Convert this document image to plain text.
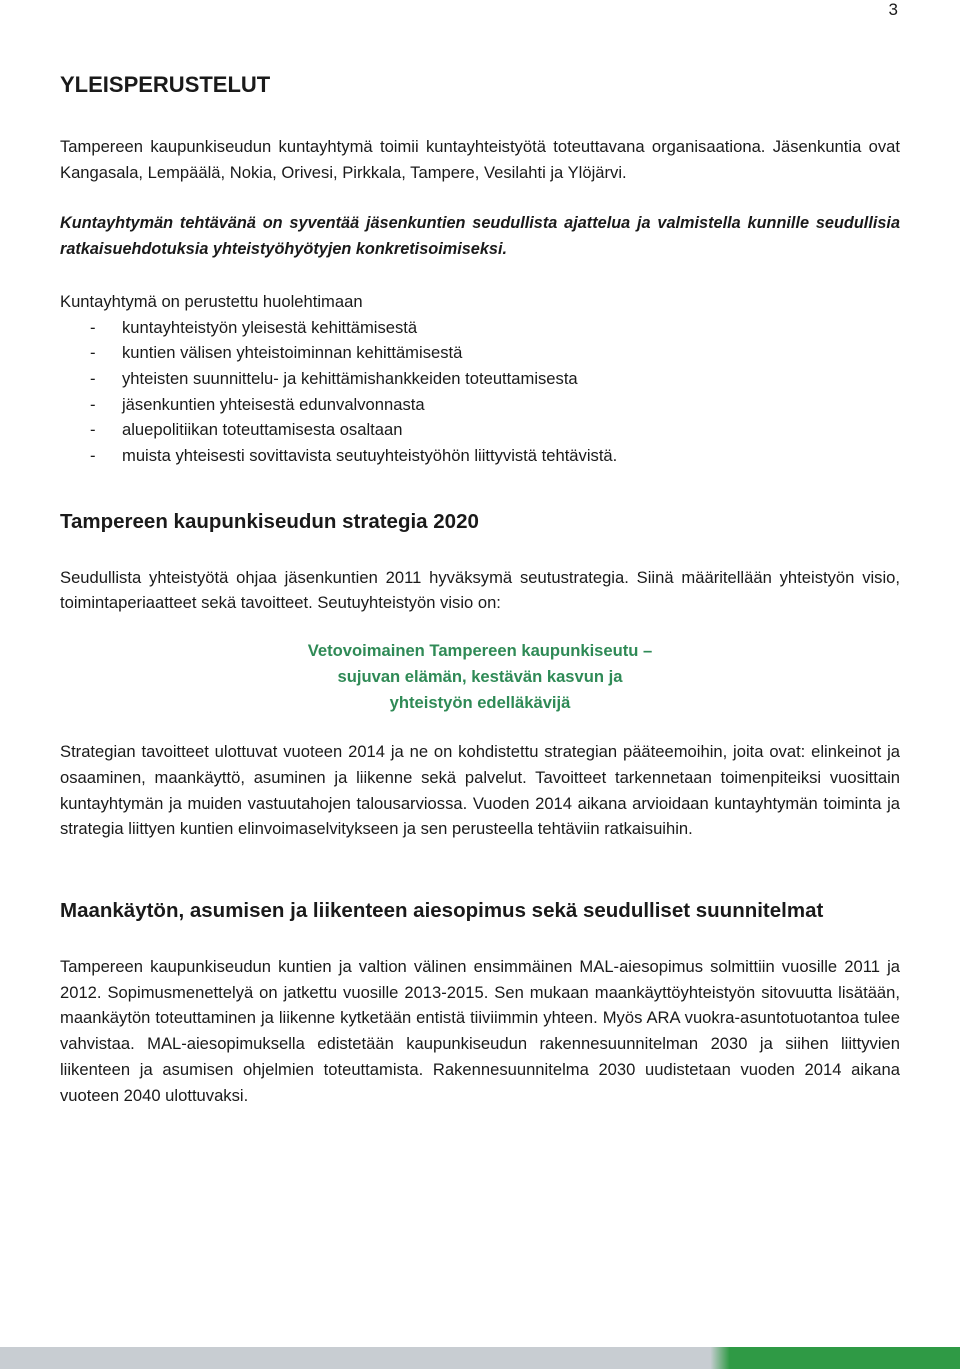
3
YLEISPERUSTELUT

Tampereen kaupunkiseudun kuntayhtymä toimii kuntayhteistyötä toteuttavana organisaationa. Jäsenkuntia ovat Kangasala, Lempäälä, Nokia, Orivesi, Pirkkala, Tampere, Vesilahti ja Ylöjärvi.

Kuntayhtymän tehtävänä on syventää jäsenkuntien seudullista ajattelua ja valmistella kunnille seudullisia ratkaisuehdotuksia yhteistyöhyötyjen konkretisoimiseksi.

Kuntayhtymä on perustettu huolehtimaan

- kuntayhteistyön yleisestä kehittämisestä
- kuntien välisen yhteistoiminnan kehittämisestä
- yhteisten suunnittelu- ja kehittämishankkeiden toteuttamisesta
- jäsenkuntien yhteisestä edunvalvonnasta
- aluepolitiikan toteuttamisesta osaltaan
- muista yhteisesti sovittavista seutuyhteistyöhön liittyvistä tehtävistä.
Tampereen kaupunkiseudun strategia 2020

Seudullista yhteistyötä ohjaa jäsenkuntien 2011 hyväksymä seutustrategia. Siinä määritellään yhteistyön visio, toimintaperiaatteet sekä tavoitteet. Seutuyhteistyön visio on:

Vetovoimainen Tampereen kaupunkiseutu –
sujuvan elämän, kestävän kasvun ja
yhteistyön edelläkävijä

Strategian tavoitteet ulottuvat vuoteen 2014 ja ne on kohdistettu strategian pääteemoihin, joita ovat: elinkeinot ja osaaminen, maankäyttö, asuminen ja liikenne sekä palvelut. Tavoitteet tarkennetaan toimenpiteiksi vuosittain kuntayhtymän ja muiden vastuutahojen talousarviossa. Vuoden 2014 aikana arvioidaan kuntayhtymän toiminta ja strategia liittyen kuntien elinvoimaselvitykseen ja sen perusteella tehtäviin ratkaisuihin.

Maankäytön, asumisen ja liikenteen aiesopimus sekä seudulliset suunnitelmat

Tampereen kaupunkiseudun kuntien ja valtion välinen ensimmäinen MAL-aiesopimus solmittiin vuosille 2011 ja 2012. Sopimusmenettelyä on jatkettu vuosille 2013-2015. Sen mukaan maankäyttöyhteistyön sitovuutta lisätään, maankäytön toteuttaminen ja liikenne kytketään entistä tiiviimmin yhteen. Myös ARA vuokra-asuntotuotantoa tulee vahvistaa. MAL-aiesopimuksella edistetään kaupunkiseudun rakennesuunnitelman 2030 ja siihen liittyvien liikenteen ja asumisen ohjelmien toteuttamista. Rakennesuunnitelma 2030 uudistetaan vuoden 2014 aikana vuoteen 2040 ulottuvaksi.
